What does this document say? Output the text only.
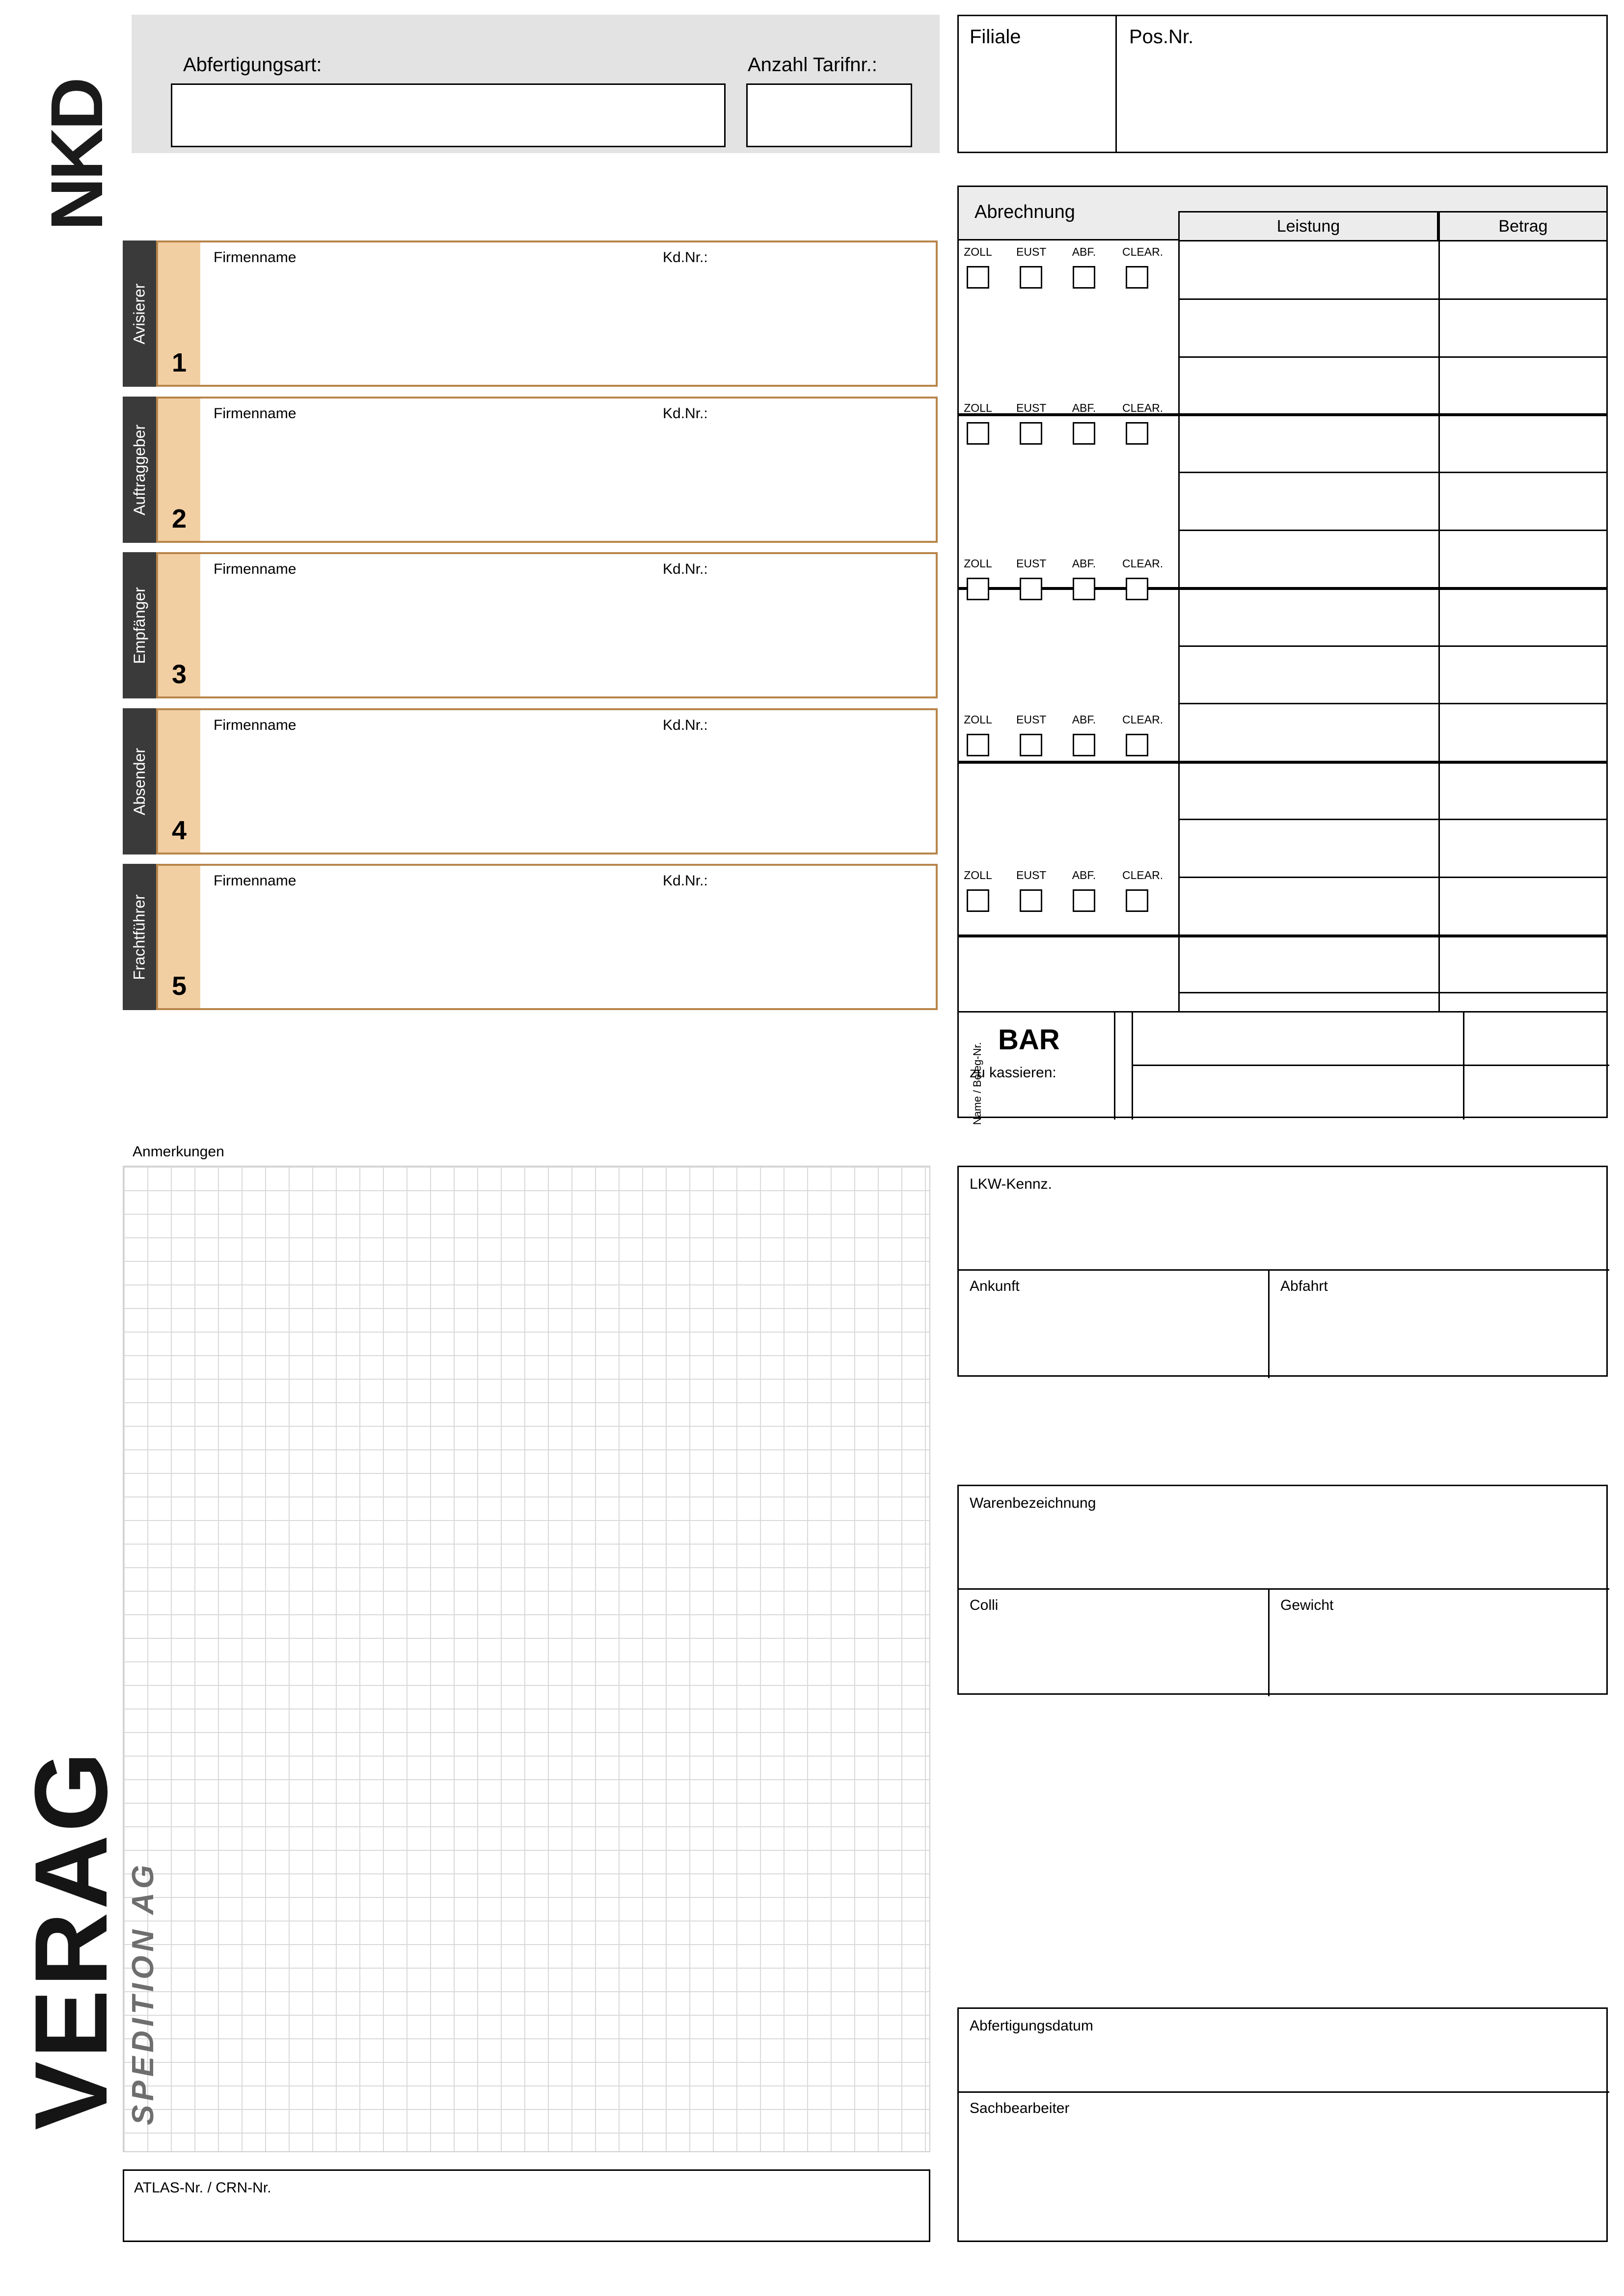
NKD
Abfertigungsart:	Anzahl Tarifnr.:
Filiale	Pos.Nr.
Abrechnung
Leistung	Betrag
ZOLL EUST ABF. CLEAR.
ZOLL EUST ABF. CLEAR.
ZOLL EUST ABF. CLEAR.
ZOLL EUST ABF. CLEAR.
ZOLL EUST ABF. CLEAR.
BAR
zu kassieren:
Name / Beleg-Nr.
Avisierer
1
Firmenname	Kd.Nr.:
Auftraggeber
2
Firmenname	Kd.Nr.:
Empfänger
3
Firmenname	Kd.Nr.:
Absender
4
Firmenname	Kd.Nr.:
Frachtführer
5
Firmenname	Kd.Nr.:
Anmerkungen
VERAG
SPEDITION AG
ATLAS-Nr. / CRN-Nr.
LKW-Kennz.
Ankunft	Abfahrt
Warenbezeichnung
Colli	Gewicht
Abfertigungsdatum
Sachbearbeiter
